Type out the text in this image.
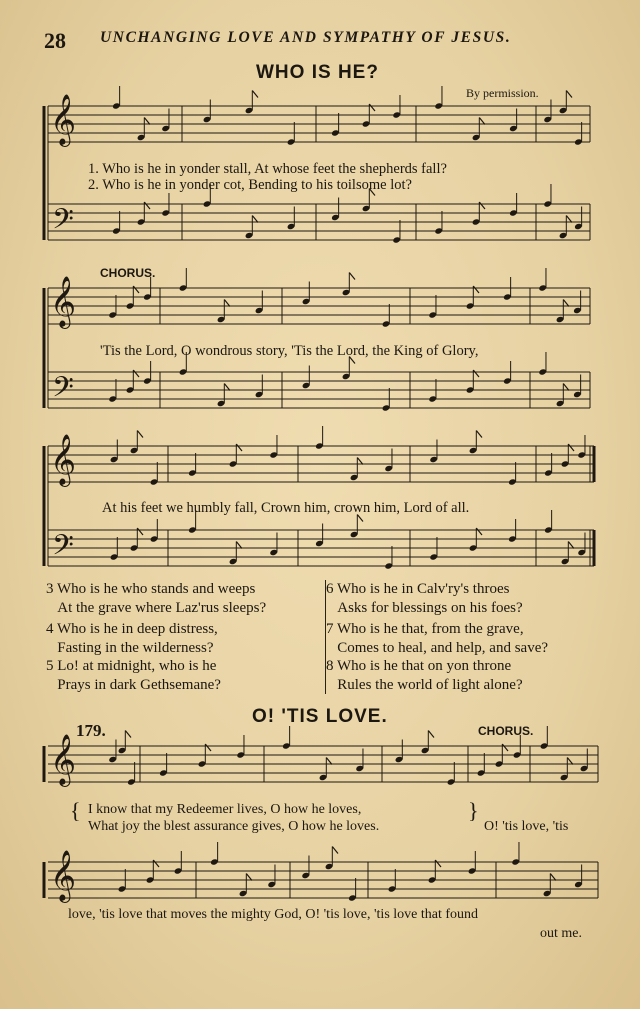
28 UNCHANGING LOVE AND SYMPATHY OF JESUS.
WHO IS HE?
By permission.
𝄞
𝄢
𝄞
𝄢
𝄞
𝄢
𝄞
𝄞
1. Who is he in yonder stall, At whose feet the shepherds fall?
2. Who is he in yonder cot, Bending to his toilsome lot?
CHORUS.
'Tis the Lord, O wondrous story, 'Tis the Lord, the King of Glory,
At his feet we humbly fall, Crown him, crown him, Lord of all.
3 Who is he who stands and weeps
At the grave where Laz'rus sleeps?
4 Who is he in deep distress,
Fasting in the wilderness?
5 Lo! at midnight, who is he
Prays in dark Gethsemane?
6 Who is he in Calv'ry's throes
Asks for blessings on his foes?
7 Who is he that, from the grave,
Comes to heal, and help, and save?
8 Who is he that on yon throne
Rules the world of light alone?
179.
O! 'TIS LOVE.
CHORUS.
{ I know that my Redeemer lives, O how he loves,
What joy the blest assurance gives, O how he loves.
}
O! 'tis love, 'tis
love, 'tis love that moves the mighty God, O! 'tis love, 'tis love that found
out me.
